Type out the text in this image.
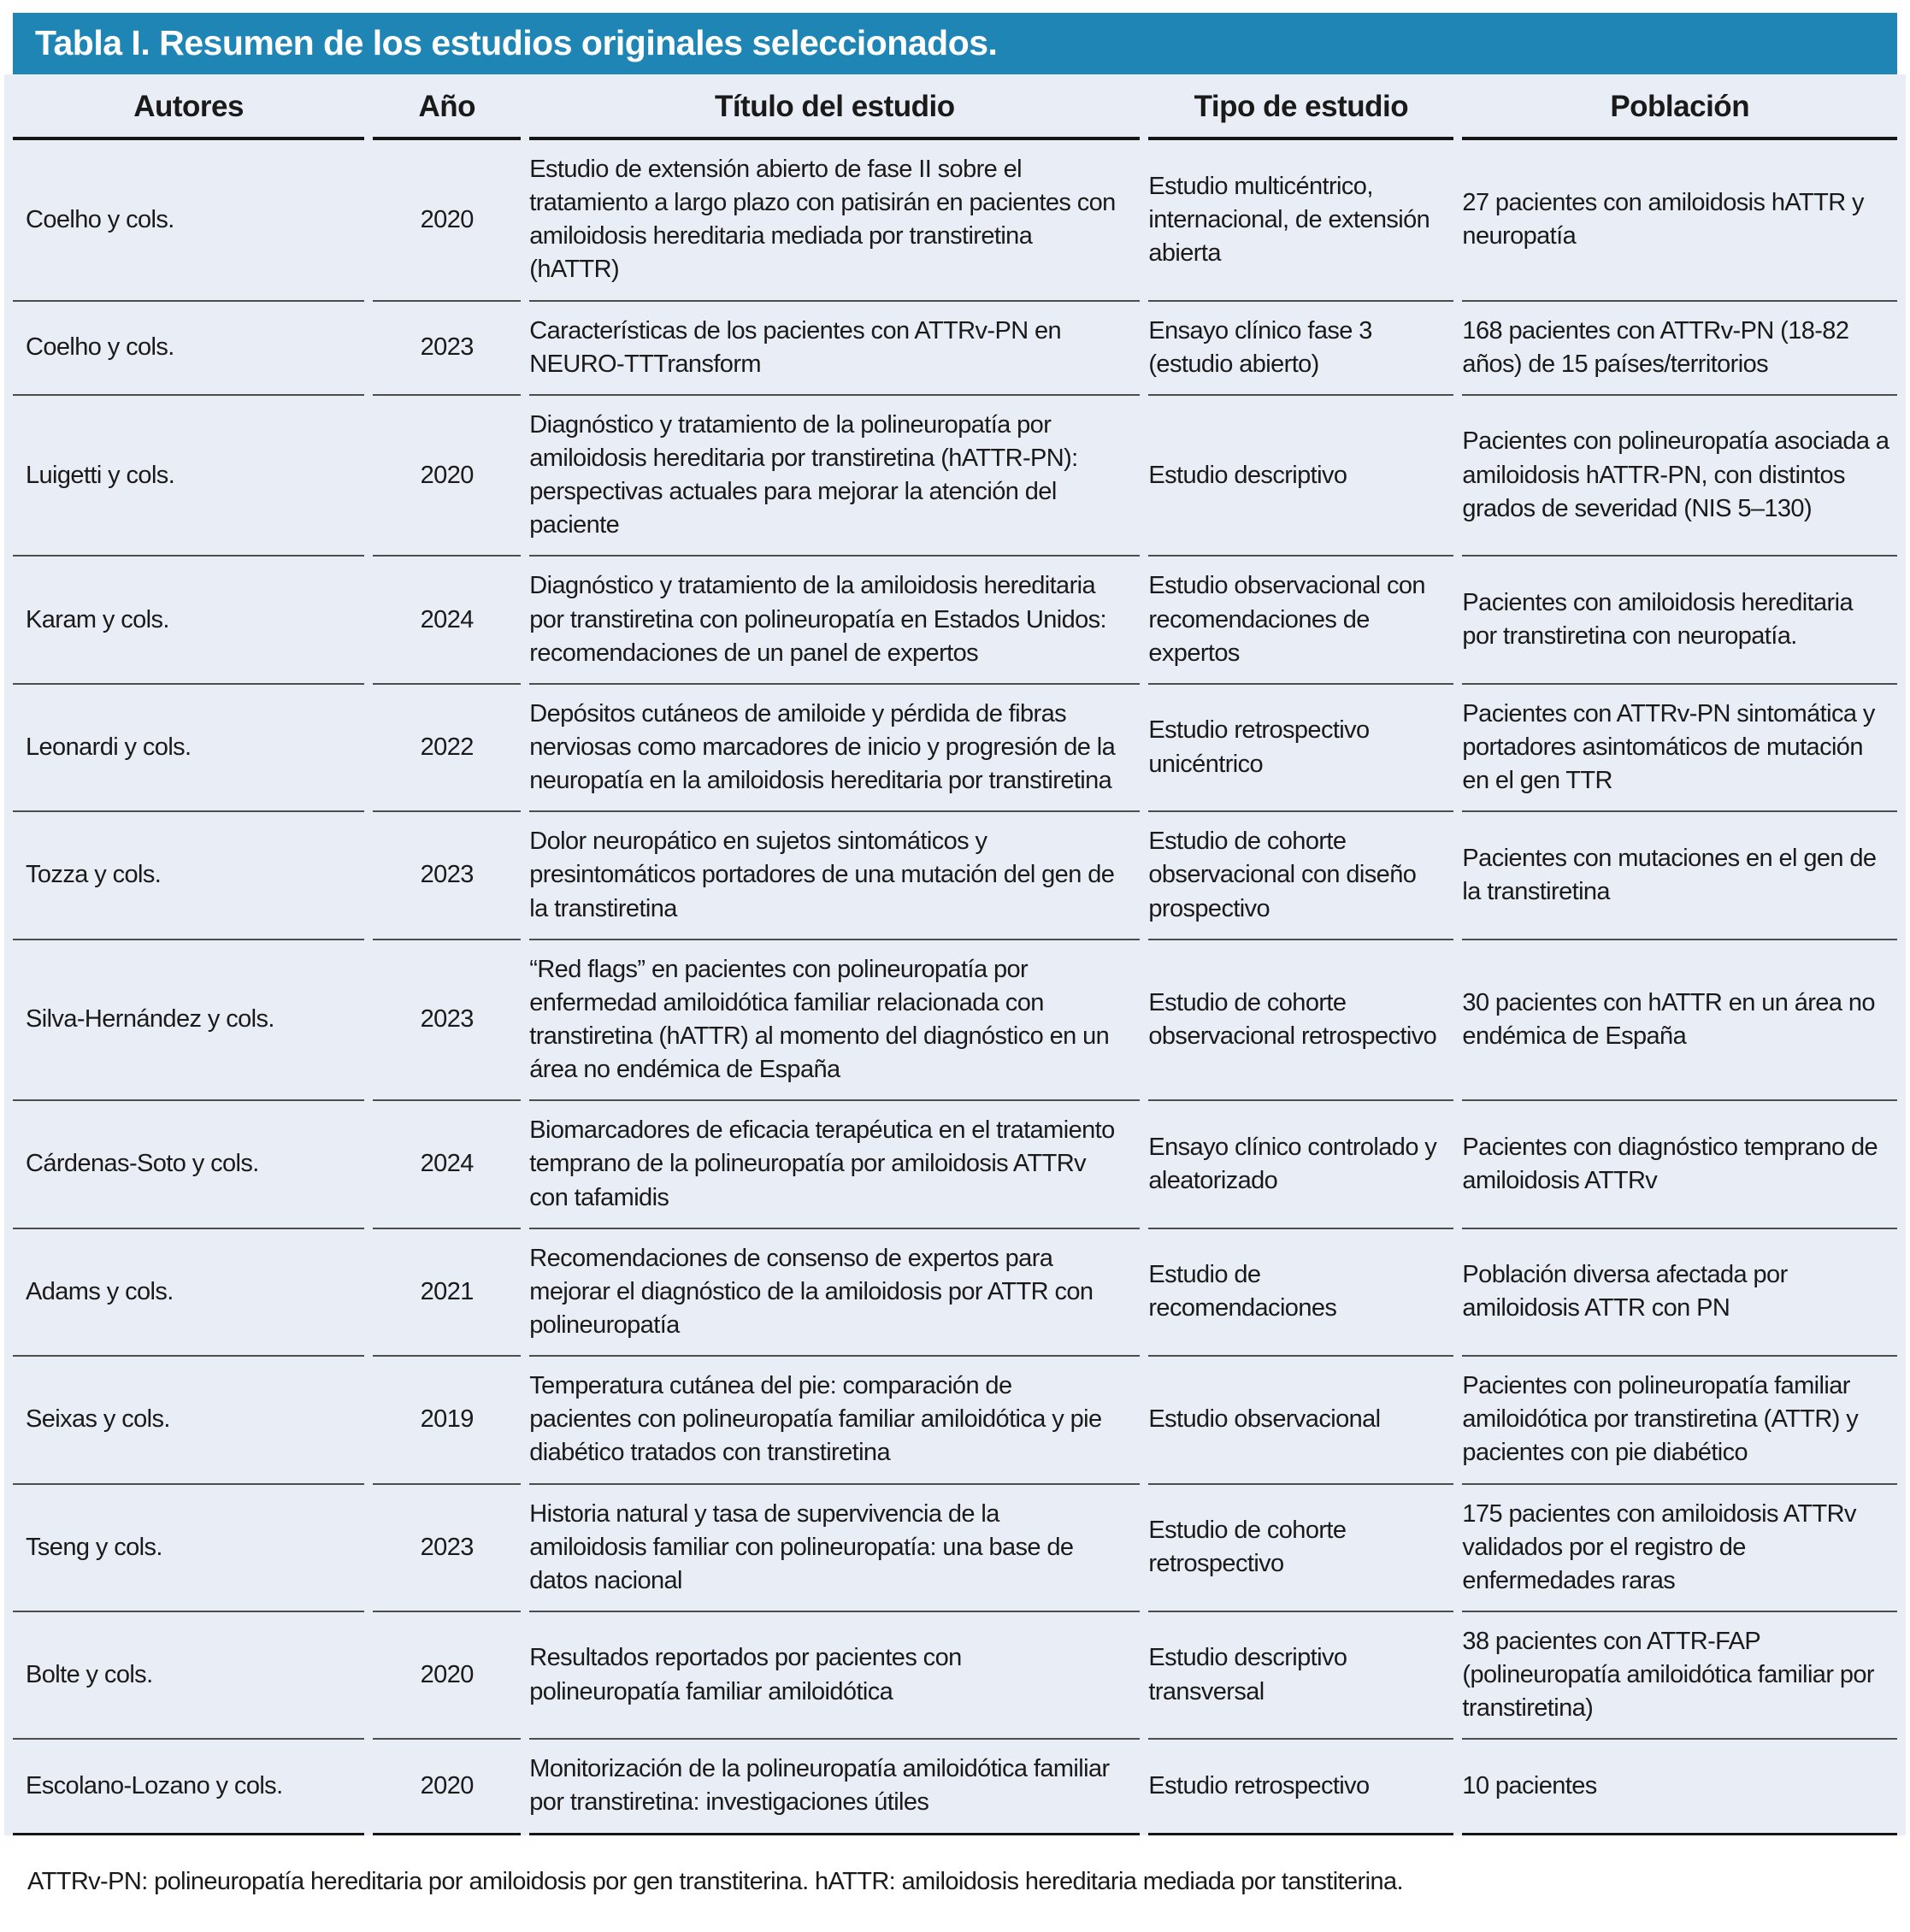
Tabla I. Resumen de los estudios originales seleccionados.
Autores	Año	Título del estudio	Tipo de estudio	Población
Coelho y cols.	2020	Estudio de extensión abierto de fase II sobre el tratamiento a largo plazo con patisirán en pacientes con amiloidosis hereditaria mediada por transtiretina (hATTR)	Estudio multicéntrico, internacional, de extensión abierta	27 pacientes con amiloidosis hATTR y neuropatía
Coelho y cols.	2023	Características de los pacientes con ATTRv-PN en NEURO-TTTransform	Ensayo clínico fase 3 (estudio abierto)	168 pacientes con ATTRv-PN (18-82 años) de 15 países/territorios
Luigetti y cols.	2020	Diagnóstico y tratamiento de la polineuropatía por amiloidosis hereditaria por transtiretina (hATTR-PN): perspectivas actuales para mejorar la atención del paciente	Estudio descriptivo	Pacientes con polineuropatía asociada a amiloidosis hATTR-PN, con distintos grados de severidad (NIS 5–130)
Karam y cols.	2024	Diagnóstico y tratamiento de la amiloidosis hereditaria por transtiretina con polineuropatía en Estados Unidos: recomendaciones de un panel de expertos	Estudio observacional con recomendaciones de expertos	Pacientes con amiloidosis hereditaria por transtiretina con neuropatía.
Leonardi y cols.	2022	Depósitos cutáneos de amiloide y pérdida de fibras nerviosas como marcadores de inicio y progresión de la neuropatía en la amiloidosis hereditaria por transtiretina	Estudio retrospectivo unicéntrico	Pacientes con ATTRv-PN sintomática y portadores asintomáticos de mutación en el gen TTR
Tozza y cols.	2023	Dolor neuropático en sujetos sintomáticos y presintomáticos portadores de una mutación del gen de la transtiretina	Estudio de cohorte observacional con diseño prospectivo	Pacientes con mutaciones en el gen de la transtiretina
Silva-Hernández y cols.	2023	“Red flags” en pacientes con polineuropatía por enfermedad amiloidótica familiar relacionada con transtiretina (hATTR) al momento del diagnóstico en un área no endémica de España	Estudio de cohorte observacional retrospectivo	30 pacientes con hATTR en un área no endémica de España
Cárdenas-Soto y cols.	2024	Biomarcadores de eficacia terapéutica en el tratamiento temprano de la polineuropatía por amiloidosis ATTRv con tafamidis	Ensayo clínico controlado y aleatorizado	Pacientes con diagnóstico temprano de amiloidosis ATTRv
Adams y cols.	2021	Recomendaciones de consenso de expertos para mejorar el diagnóstico de la amiloidosis por ATTR con polineuropatía	Estudio de recomendaciones	Población diversa afectada por amiloidosis ATTR con PN
Seixas y cols.	2019	Temperatura cutánea del pie: comparación de pacientes con polineuropatía familiar amiloidótica y pie diabético tratados con transtiretina	Estudio observacional	Pacientes con polineuropatía familiar amiloidótica por transtiretina (ATTR) y pacientes con pie diabético
Tseng y cols.	2023	Historia natural y tasa de supervivencia de la amiloidosis familiar con polineuropatía: una base de datos nacional	Estudio de cohorte retrospectivo	175 pacientes con amiloidosis ATTRv validados por el registro de enfermedades raras
Bolte y cols.	2020	Resultados reportados por pacientes con polineuropatía familiar amiloidótica	Estudio descriptivo transversal	38 pacientes con ATTR-FAP (polineuropatía amiloidótica familiar por transtiretina)
Escolano-Lozano y cols.	2020	Monitorización de la polineuropatía amiloidótica familiar por transtiretina: investigaciones útiles	Estudio retrospectivo	10 pacientes
ATTRv-PN: polineuropatía hereditaria por amiloidosis por gen transtiterina. hATTR: amiloidosis hereditaria mediada por tanstiterina.
